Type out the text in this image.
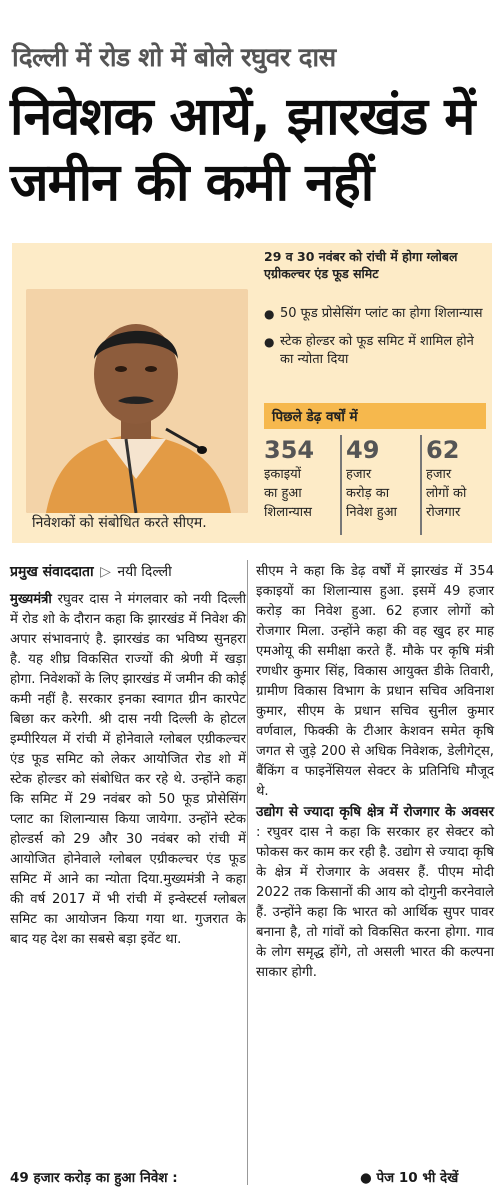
दिल्ली में रोड शो में बोले रघुवर दास
निवेशक आयें, झारखंड में जमीन की कमी नहीं
निवेशकों को संबोधित करते सीएम.
29 व 30 नवंबर को रांची में होगा ग्लोबल एग्रीकल्चर एंड फूड समिट
● 50 फूड प्रोसेसिंग प्लांट का होगा शिलान्यास
● स्टेक होल्डर को फूड समिट में शामिल होने का न्योता दिया
पिछले डेढ़ वर्षों में
354
इकाइयों
का हुआ
शिलान्यास
49
हजार
करोड़ का
निवेश हुआ
62
हजार
लोगों को
रोजगार
प्रमुख संवाददाता ▷ नयी दिल्ली

मुख्यमंत्री रघुवर दास ने मंगलवार को नयी दिल्ली में रोड शो के दौरान कहा कि झारखंड में निवेश की अपार संभावनाएं है. झारखंड का भविष्य सुनहरा है. यह शीघ्र विकसित राज्यों की श्रेणी में खड़ा होगा. निवेशकों के लिए झारखंड में जमीन की कोई कमी नहीं है. सरकार इनका स्वागत ग्रीन कारपेट बिछा कर करेगी. श्री दास नयी दिल्ली के होटल इम्पीरियल में रांची में होनेवाले ग्लोबल एग्रीकल्चर एंड फूड समिट को लेकर आयोजित रोड शो में स्टेक होल्डर को संबोधित कर रहे थे. उन्होंने कहा कि समिट में 29 नवंबर को 50 फूड प्रोसेसिंग प्लाट का शिलान्यास किया जायेगा. उन्होंने स्टेक होल्डर्स को 29 और 30 नवंबर को रांची में आयोजित होनेवाले ग्लोबल एग्रीकल्चर एंड फूड समिट में आने का न्योता दिया.मुख्यमंत्री ने कहा की वर्ष 2017 में भी रांची में इन्वेस्टर्स ग्लोबल समिट का आयोजन किया गया था. गुजरात के बाद यह देश का सबसे बड़ा इवेंट था.

सीएम ने कहा कि डेढ़ वर्षों में झारखंड में 354 इकाइयों का शिलान्यास हुआ. इसमें 49 हजार करोड़ का निवेश हुआ. 62 हजार लोगों को रोजगार मिला. उन्होंने कहा की वह खुद हर माह एमओयू की समीक्षा करते हैं. मौके पर कृषि मंत्री रणधीर कुमार सिंह, विकास आयुक्त डीके तिवारी, ग्रामीण विकास विभाग के प्रधान सचिव अविनाश कुमार, सीएम के प्रधान सचिव सुनील कुमार वर्णवाल, फिक्की के टीआर केशवन समेत कृषि जगत से जुड़े 200 से अधिक निवेशक, डेलीगेट्स, बैंकिंग व फाइनेंसियल सेक्टर के प्रतिनिधि मौजूद थे.

उद्योग से ज्यादा कृषि क्षेत्र में रोजगार के अवसर : रघुवर दास ने कहा कि सरकार हर सेक्टर को फोकस कर काम कर रही है. उद्योग से ज्यादा कृषि के क्षेत्र में रोजगार के अवसर हैं. पीएम मोदी 2022 तक किसानों की आय को दोगुनी करनेवाले हैं. उन्होंने कहा कि भारत को आर्थिक सुपर पावर बनाना है, तो गांवों को विकसित करना होगा. गाव के लोग समृद्ध होंगे, तो असली भारत की कल्पना साकार होगी.

49 हजार करोड़ का हुआ निवेश :	● पेज 10 भी देखें
